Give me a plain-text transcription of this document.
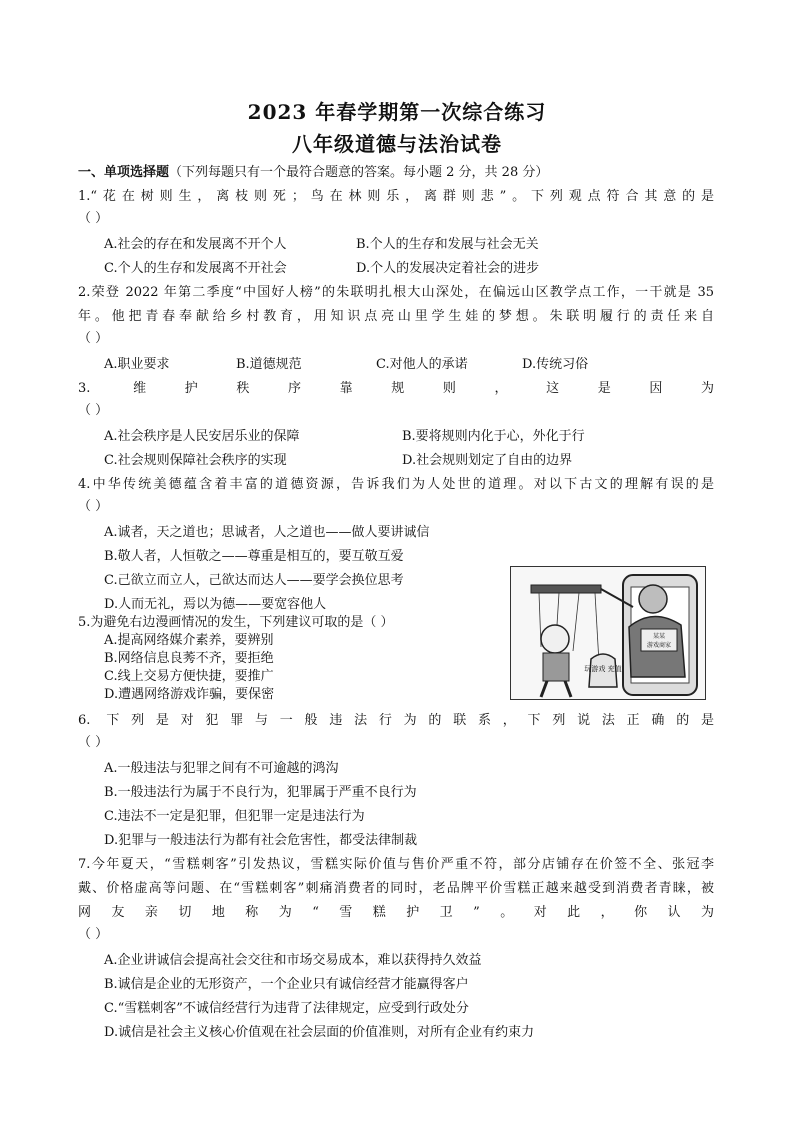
2023 年春学期第一次综合练习
八年级道德与法治试卷
一、单项选择题（下列每题只有一个最符合题意的答案。每小题 2 分，共 28 分）
1.“花在树则生，离枝则死；鸟在林则乐，离群则悲”。下列观点符合其意的是
（ ）
A.社会的存在和发展离不开个人	B.个人的生存和发展与社会无关
C.个人的生存和发展离不开社会	D.个人的发展决定着社会的进步
2.荣登 2022 年第二季度“中国好人榜”的朱联明扎根大山深处，在偏远山区教学点工作，一干就是 35
年。他把青春奉献给乡村教育，用知识点亮山里学生娃的梦想。朱联明履行的责任来自
（ ）
A.职业要求	B.道德规范	C.对他人的承诺	D.传统习俗
3. 维护秩序靠规则，这是因为
（ ）
A.社会秩序是人民安居乐业的保障	B.要将规则内化于心，外化于行
C.社会规则保障社会秩序的实现	D.社会规则划定了自由的边界
4.中华传统美德蕴含着丰富的道德资源，告诉我们为人处世的道理。对以下古文的理解有误的是
（ ）
A.诚者，天之道也；思诚者，人之道也——做人要讲诚信
B.敬人者，人恒敬之——尊重是相互的，要互敬互爱
C.己欲立而立人，己欲达而达人——要学会换位思考
D.人而无礼，焉以为德——要宽容他人
某某
游戏商家
玩游戏 充值
5.为避免右边漫画情况的发生，下列建议可取的是（ ）
A.提高网络媒介素养，要辨别
B.网络信息良莠不齐，要拒绝
C.线上交易方便快捷，要推广
D.遭遇网络游戏诈骗，要保密
6. 下列是对犯罪与一般违法行为的联系，下列说法正确的是
（ ）
A.一般违法与犯罪之间有不可逾越的鸿沟
B.一般违法行为属于不良行为，犯罪属于严重不良行为
C.违法不一定是犯罪，但犯罪一定是违法行为
D.犯罪与一般违法行为都有社会危害性，都受法律制裁
7.今年夏天，“雪糕刺客”引发热议，雪糕实际价值与售价严重不符，部分店铺存在价签不全、张冠李
戴、价格虚高等问题、在“雪糕刺客”刺痛消费者的同时，老品牌平价雪糕正越来越受到消费者青睐，被
网友亲切地称为“雪糕护卫”。对此，你认为
（ ）
A.企业讲诚信会提高社会交往和市场交易成本，难以获得持久效益
B.诚信是企业的无形资产，一个企业只有诚信经营才能赢得客户
C.“雪糕刺客”不诚信经营行为违背了法律规定，应受到行政处分
D.诚信是社会主义核心价值观在社会层面的价值准则，对所有企业有约束力
